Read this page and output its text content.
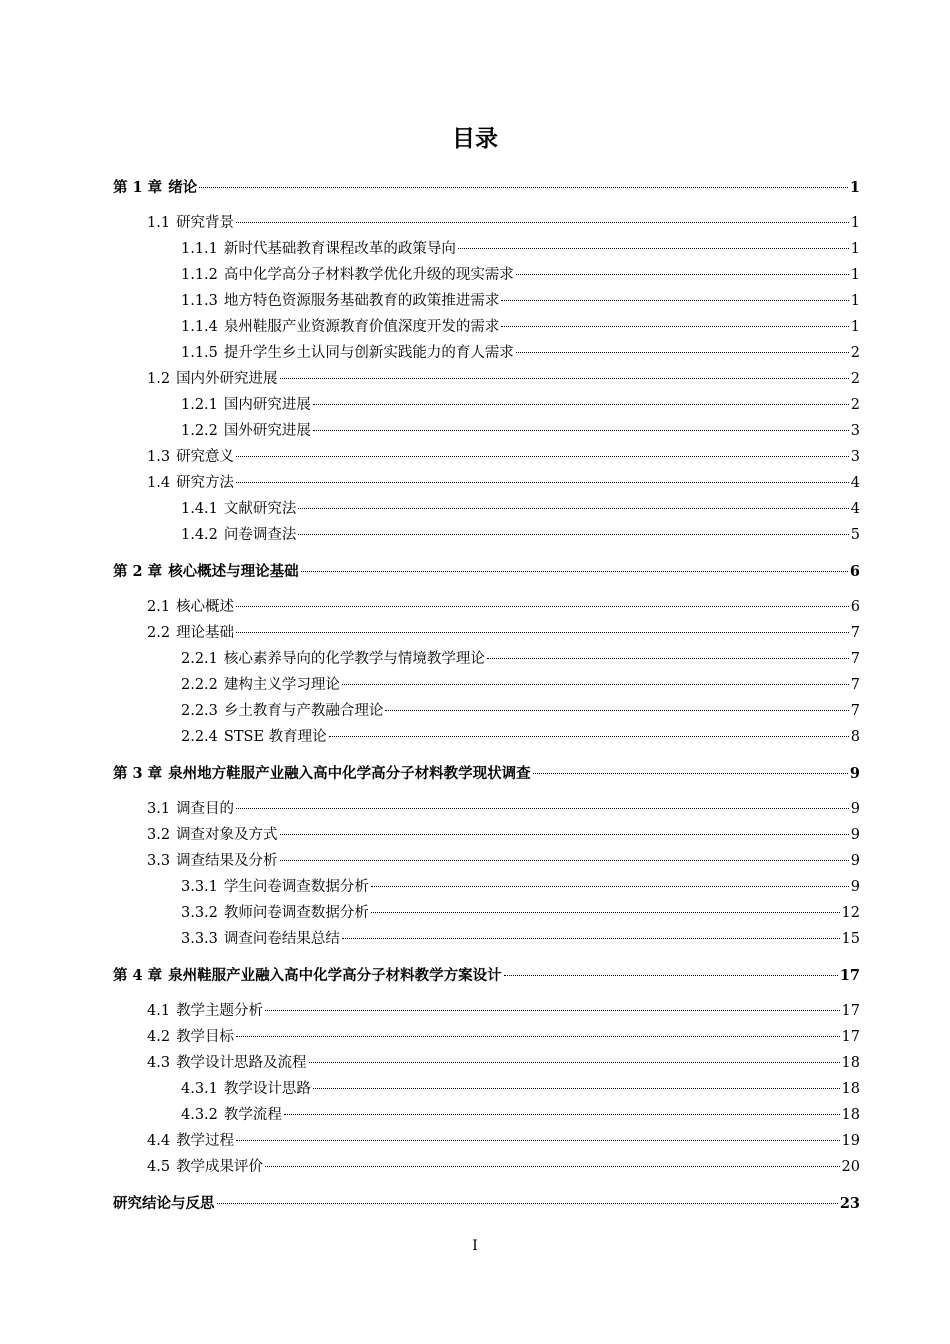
目录
第 1 章 绪论	1
1.1 研究背景	1
1.1.1 新时代基础教育课程改革的政策导向	1
1.1.2 高中化学高分子材料教学优化升级的现实需求	1
1.1.3 地方特色资源服务基础教育的政策推进需求	1
1.1.4 泉州鞋服产业资源教育价值深度开发的需求	1
1.1.5 提升学生乡土认同与创新实践能力的育人需求	2
1.2 国内外研究进展	2
1.2.1 国内研究进展	2
1.2.2 国外研究进展	3
1.3 研究意义	3
1.4 研究方法	4
1.4.1 文献研究法	4
1.4.2 问卷调查法	5
第 2 章 核心概述与理论基础	6
2.1 核心概述	6
2.2 理论基础	7
2.2.1 核心素养导向的化学教学与情境教学理论	7
2.2.2 建构主义学习理论	7
2.2.3 乡土教育与产教融合理论	7
2.2.4 STSE 教育理论	8
第 3 章 泉州地方鞋服产业融入高中化学高分子材料教学现状调查	9
3.1 调查目的	9
3.2 调查对象及方式	9
3.3 调查结果及分析	9
3.3.1 学生问卷调查数据分析	9
3.3.2 教师问卷调查数据分析	12
3.3.3 调查问卷结果总结	15
第 4 章 泉州鞋服产业融入高中化学高分子材料教学方案设计	17
4.1 教学主题分析	17
4.2 教学目标	17
4.3 教学设计思路及流程	18
4.3.1 教学设计思路	18
4.3.2 教学流程	18
4.4 教学过程	19
4.5 教学成果评价	20
研究结论与反思	23
I
